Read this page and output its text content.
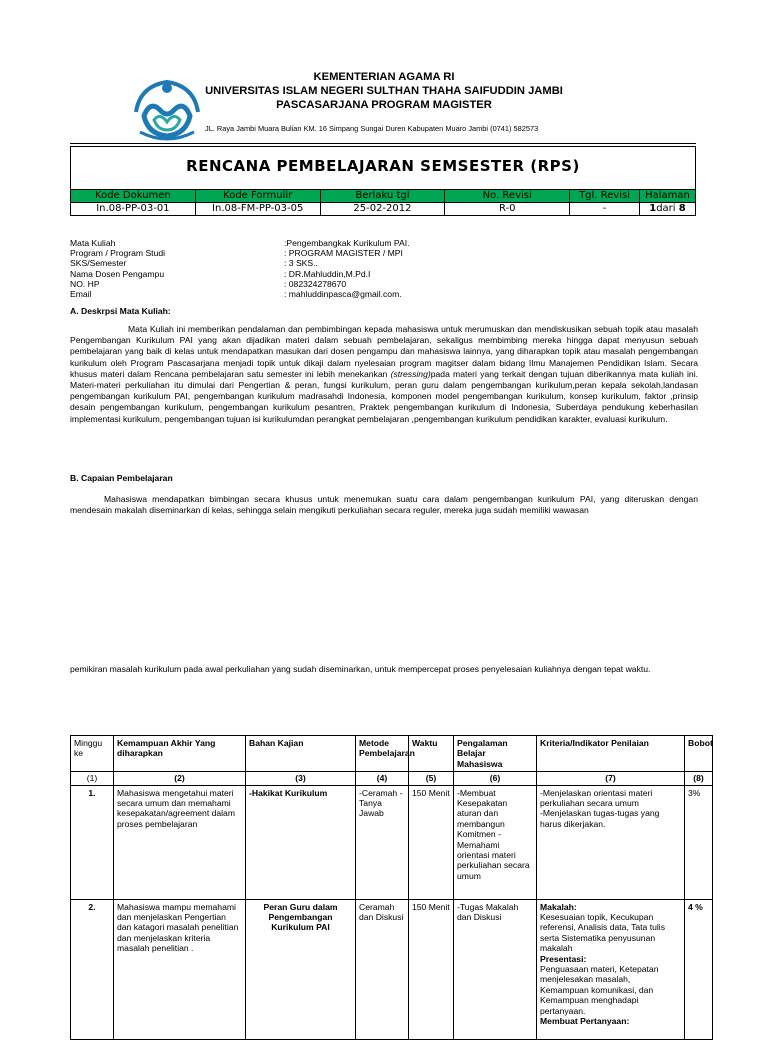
KEMENTERIAN AGAMA RI
UNIVERSITAS ISLAM NEGERI SULTHAN THAHA SAIFUDDIN JAMBI
PASCASARJANA PROGRAM MAGISTER
JL. Raya Jambi Muara Bulian KM. 16 Simpang Sungai Duren Kabupaten Muaro Jambi (0741) 582573
RENCANA PEMBELAJARAN SEMSESTER (RPS)
Kode Dokumen	Kode Formulir	Berlaku tgl	No. Revisi	Tgl. Revisi	Halaman
In.08-PP-03-01	In.08-FM-PP-03-05	25-02-2012	R-0	-	1dari 8
Mata Kuliah	:Pengembangkak Kurikulum PAI.
Program / Program Studi	: PROGRAM MAGISTER / MPI
SKS/Semester	: 3 SKS..
Nama Dosen Pengampu	: DR.Mahluddin,M.Pd.I
NO. HP	: 082324278670
Email	: mahluddinpasca@gmail.com.
A. Deskrpsi Mata Kuliah:
Mata Kuliah ini memberikan pendalaman dan pembimbingan kepada mahasiswa untuk merumuskan dan mendiskusikan sebuah topik atau masalah Pengembangan Kurikulum PAI yang akan dijadikan materi dalam sebuah pembelajaran, sekaligus membimbing mereka hingga dapat menyusun sebuah pembelajaran yang baik di kelas untuk mendapatkan masukan dari dosen pengampu dan mahasiswa lainnya, yang diharapkan topik atau masalah pengembangan kurikulum oleh Program Pascasarjana menjadi topik untuk dikaji dalam nyelesaian program magitser dalam bidang Ilmu Manajemen Pendidikan Islam. Secara khusus materi dalam Rencana pembelajaran satu semester ini lebih menekankan (stressing)pada materi yang terkait dengan tujuan diberikannya mata kuliah ini. Materi-materi perkuliahan itu dimulai dari Pengertian & peran, fungsi kurikulum, peran guru dalam pengembangan kurikulum,peran kepala sekolah,landasan pengembangan kurikulum PAI, pengembangan kurikulum madrasahdi Indonesia, komponen model pengembangan kurikulum, konsep kurikulum, faktor ,prinsip desain pengembangan kurikulum, pengembangan kurikulum pesantren, Praktek pengembangan kurikulum di Indonesia, Suberdaya pendukung keberhasilan implementasi kurikulum, pengembangan tujuan isi kurikulumdan perangkat pembelajaran ,pengembangan kurikulum pendidikan karakter, evaluasi kurikulum.
B. Capaian Pembelajaran
Mahasiswa mendapatkan bimbingan secara khusus untuk menemukan suatu cara dalam pengembangan kurikulum PAI, yang diteruskan dengan mendesain makalah diseminarkan di kelas, sehingga selain mengikuti perkuliahan secara reguler, mereka juga sudah memiliki wawasan
pemikiran masalah kurikulum pada awal perkuliahan yang sudah diseminarkan, untuk mempercepat proses penyelesaian kuliahnya dengan tepat waktu.
Minggu ke	Kemampuan Akhir Yang diharapkan	Bahan Kajian	Metode Pembelajaran	Waktu	Pengalaman Belajar Mahasiswa	Kriteria/Indikator Penilaian	Bobot
(1)	(2)	(3)	(4)	(5)	(6)	(7)	(8)
1.	Mahasiswa mengetahui materi secara umum dan memahami kesepakatan/agreement dalam proses pembelajaran	-Hakikat Kurikulum	-Ceramah -Tanya Jawab	150 Menit	-Membuat Kesepakatan aturan dan membangun Komitmen -Memahami orientasi materi perkuliahan secara umum	-Menjelaskan orientasi materi perkuliahan secara umum
-Menjelaskan tugas-tugas yang harus dikerjakan.	3%
2.	Mahasiswa mampu memahami dan menjelaskan Pengertian dan katagori masalah penelitian dan menjelaskan kriteria masalah penelitian .	Peran Guru dalam Pengembangan Kurikulum PAI	Ceramah dan Diskusi	150 Menit	-Tugas Makalah dan Diskusi	Makalah:
Kesesuaian topik, Kecukupan referensi, Analisis data, Tata tulis serta Sistematika penyusunan makalah
Presentasi:
Penguasaan materi, Ketepatan menjelesakan masalah, Kemampuan komunikasi, dan Kemampuan menghadapi pertanyaan.
Membuat Pertanyaan:	4 %
